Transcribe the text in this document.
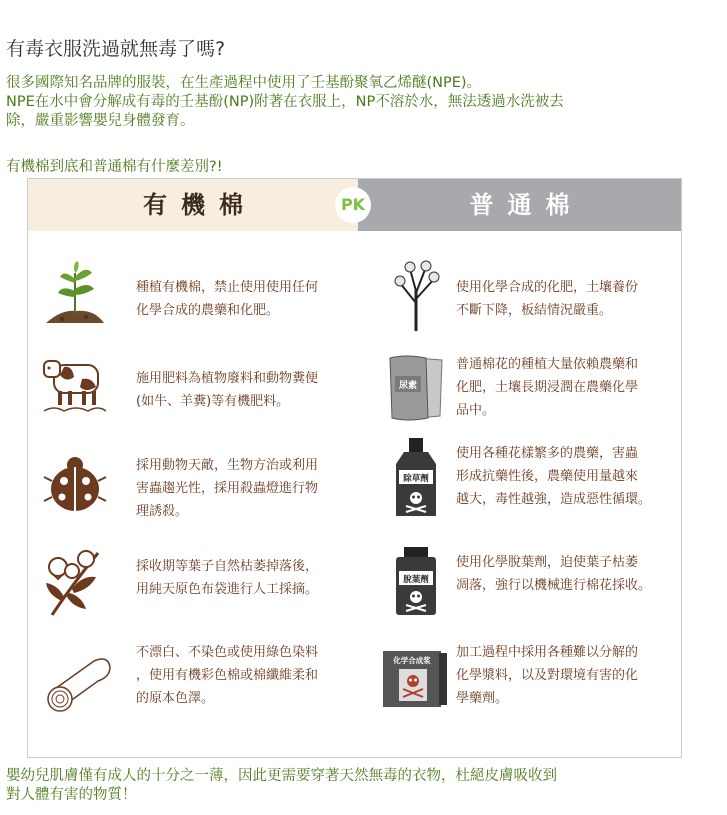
有毒衣服洗過就無毒了嗎?
很多國際知名品牌的服裝，在生產過程中使用了壬基酚聚氧乙烯醚(NPE)。
NPE在水中會分解成有毒的壬基酚(NP)附著在衣服上，NP不溶於水，無法透過水洗被去
除，嚴重影響嬰兒身體發育。
有機棉到底和普通棉有什麼差別?!
有機棉	普通棉
PK
種植有機棉，禁止使用使用任何
化學合成的農藥和化肥。
使用化學合成的化肥，土壤養份
不斷下降，板結情況嚴重。
施用肥料為植物廢料和動物糞便
(如牛、羊糞)等有機肥料。
尿素
普通棉花的種植大量依賴農藥和
化肥，土壤長期浸潤在農藥化學
品中。
採用動物天敵，生物方治或利用
害蟲趨光性，採用殺蟲燈進行物
理誘殺。
除草劑
使用各種花樣繁多的農藥，害蟲
形成抗藥性後，農藥使用量越來
越大，毒性越強，造成惡性循環。
採收期等葉子自然枯萎掉落後，
用純天原色布袋進行人工採摘。
脫葉劑
使用化學脫葉劑，迫使葉子枯萎
凋落，強行以機械進行棉花採收。
不漂白、不染色或使用綠色染料
，使用有機彩色棉或棉纖維柔和
的原本色澤。
化学合成浆
加工過程中採用各種難以分解的
化學漿料，以及對環境有害的化
學藥劑。
嬰幼兒肌膚僅有成人的十分之一薄，因此更需要穿著天然無毒的衣物，杜絕皮膚吸收到
對人體有害的物質！
